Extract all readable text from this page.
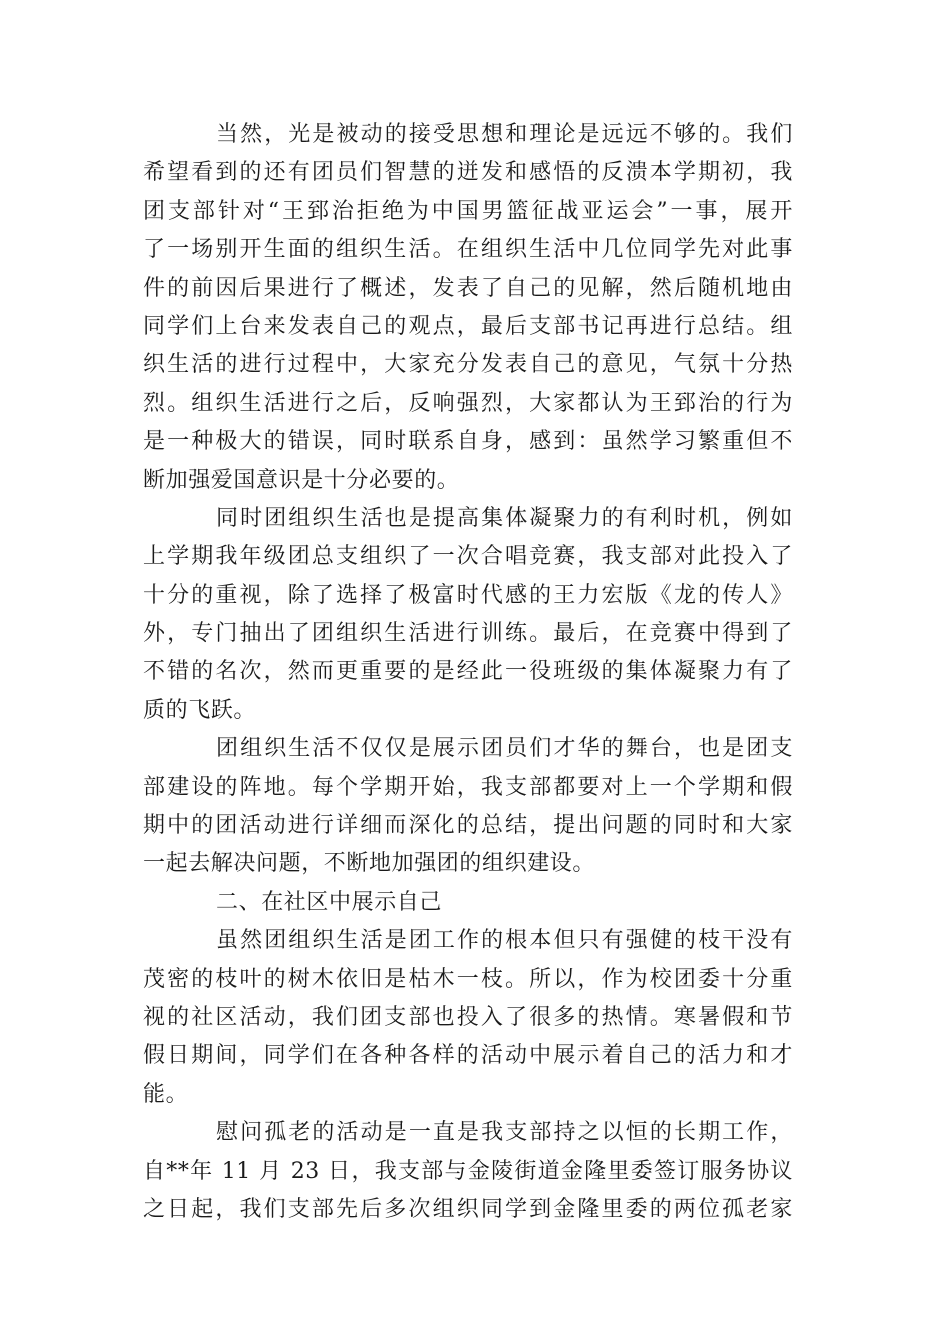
当然，光是被动的接受思想和理论是远远不够的。我们
希望看到的还有团员们智慧的迸发和感悟的反溃本学期初，我
团支部针对“王郅治拒绝为中国男篮征战亚运会”一事，展开
了一场别开生面的组织生活。在组织生活中几位同学先对此事
件的前因后果进行了概述，发表了自己的见解，然后随机地由
同学们上台来发表自己的观点，最后支部书记再进行总结。组
织生活的进行过程中，大家充分发表自己的意见，气氛十分热
烈。组织生活进行之后，反响强烈，大家都认为王郅治的行为
是一种极大的错误，同时联系自身，感到：虽然学习繁重但不
断加强爱国意识是十分必要的。
同时团组织生活也是提高集体凝聚力的有利时机，例如
上学期我年级团总支组织了一次合唱竞赛，我支部对此投入了
十分的重视，除了选择了极富时代感的王力宏版《龙的传人》
外，专门抽出了团组织生活进行训练。最后，在竞赛中得到了
不错的名次，然而更重要的是经此一役班级的集体凝聚力有了
质的飞跃。
团组织生活不仅仅是展示团员们才华的舞台，也是团支
部建设的阵地。每个学期开始，我支部都要对上一个学期和假
期中的团活动进行详细而深化的总结，提出问题的同时和大家
一起去解决问题，不断地加强团的组织建设。
二、在社区中展示自己
虽然团组织生活是团工作的根本但只有强健的枝干没有
茂密的枝叶的树木依旧是枯木一枝。所以，作为校团委十分重
视的社区活动，我们团支部也投入了很多的热情。寒暑假和节
假日期间，同学们在各种各样的活动中展示着自己的活力和才
能。
慰问孤老的活动是一直是我支部持之以恒的长期工作，
自**年 11 月 23 日，我支部与金陵街道金隆里委签订服务协议
之日起，我们支部先后多次组织同学到金隆里委的两位孤老家
